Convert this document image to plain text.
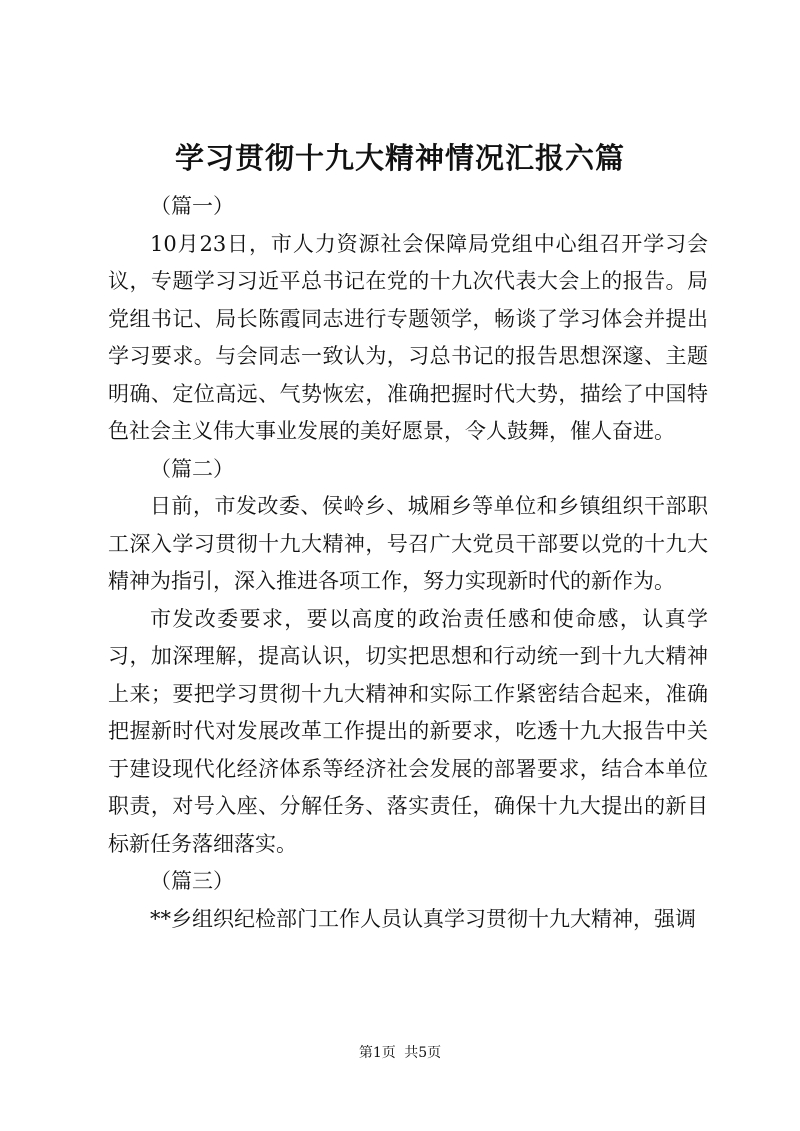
学习贯彻十九大精神情况汇报六篇

（篇一）

10月23日，市人力资源社会保障局党组中心组召开学习会议，专题学习习近平总书记在党的十九次代表大会上的报告。局党组书记、局长陈霞同志进行专题领学，畅谈了学习体会并提出学习要求。与会同志一致认为，习总书记的报告思想深邃、主题明确、定位高远、气势恢宏，准确把握时代大势，描绘了中国特色社会主义伟大事业发展的美好愿景，令人鼓舞，催人奋进。

（篇二）

日前，市发改委、侯岭乡、城厢乡等单位和乡镇组织干部职工深入学习贯彻十九大精神，号召广大党员干部要以党的十九大精神为指引，深入推进各项工作，努力实现新时代的新作为。

市发改委要求，要以高度的政治责任感和使命感，认真学习，加深理解，提高认识，切实把思想和行动统一到十九大精神上来；要把学习贯彻十九大精神和实际工作紧密结合起来，准确把握新时代对发展改革工作提出的新要求，吃透十九大报告中关于建设现代化经济体系等经济社会发展的部署要求，结合本单位职责，对号入座、分解任务、落实责任，确保十九大提出的新目标新任务落细落实。

（篇三）

**乡组织纪检部门工作人员认真学习贯彻十九大精神，强调

第1页 共5页
